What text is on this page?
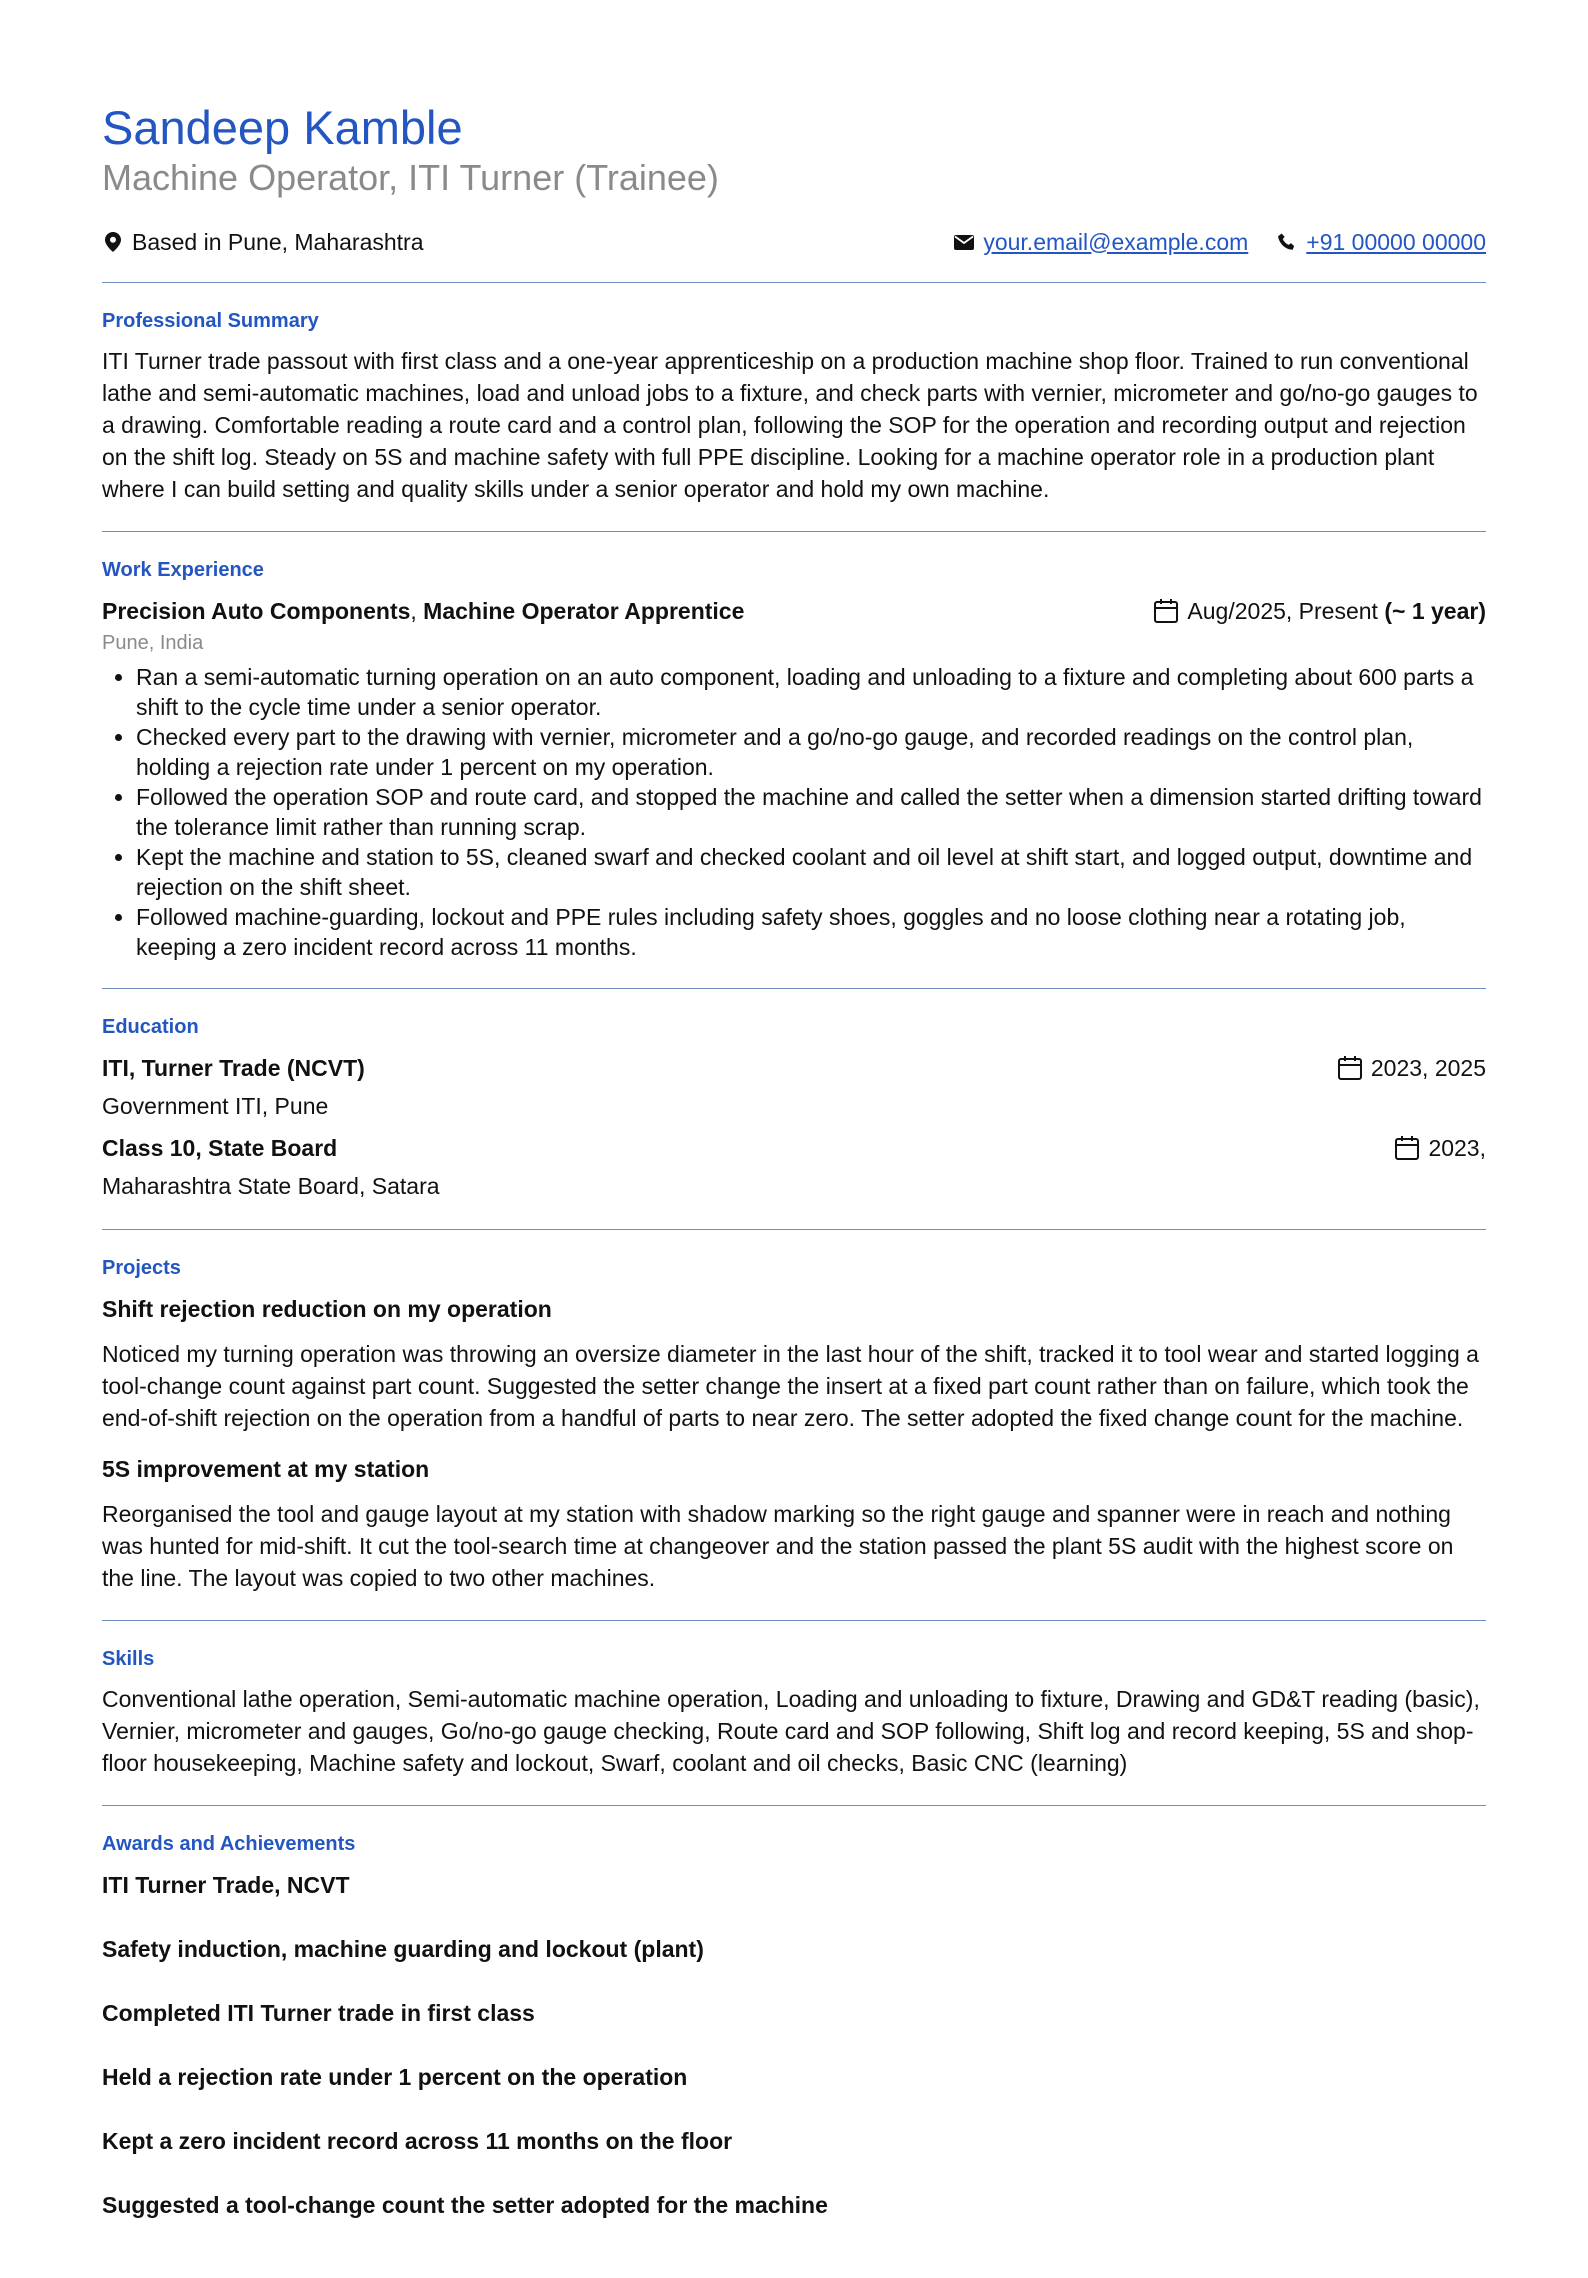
Sandeep Kamble
Machine Operator, ITI Turner (Trainee)
Based in Pune, Maharashtra	your.email@example.com	+91 00000 00000
Professional Summary

ITI Turner trade passout with first class and a one-year apprenticeship on a production machine shop floor. Trained to run conventional lathe and semi-automatic machines, load and unload jobs to a fixture, and check parts with vernier, micrometer and go/no-go gauges to a drawing. Comfortable reading a route card and a control plan, following the SOP for the operation and recording output and rejection on the shift log. Steady on 5S and machine safety with full PPE discipline. Looking for a machine operator role in a production plant where I can build setting and quality skills under a senior operator and hold my own machine.

Work Experience
Precision Auto Components, Machine Operator Apprentice	Aug/2025, Present
(~ 1 year)
Pune, India
• Ran a semi-automatic turning operation on an auto component, loading and unloading to a fixture and completing about 600 parts a shift to the cycle time under a senior operator.
• Checked every part to the drawing with vernier, micrometer and a go/no-go gauge, and recorded readings on the control plan, holding a rejection rate under 1 percent on my operation.
• Followed the operation SOP and route card, and stopped the machine and called the setter when a dimension started drifting toward the tolerance limit rather than running scrap.
• Kept the machine and station to 5S, cleaned swarf and checked coolant and oil level at shift start, and logged output, downtime and rejection on the shift sheet.
• Followed machine-guarding, lockout and PPE rules including safety shoes, goggles and no loose clothing near a rotating job, keeping a zero incident record across 11 months.
Education
ITI, Turner Trade (NCVT)	2023, 2025
Government ITI, Pune
Class 10, State Board	2023,
Maharashtra State Board, Satara
Projects
Shift rejection reduction on my operation

Noticed my turning operation was throwing an oversize diameter in the last hour of the shift, tracked it to tool wear and started logging a tool-change count against part count. Suggested the setter change the insert at a fixed part count rather than on failure, which took the end-of-shift rejection on the operation from a handful of parts to near zero. The setter adopted the fixed change count for the machine.

5S improvement at my station

Reorganised the tool and gauge layout at my station with shadow marking so the right gauge and spanner were in reach and nothing was hunted for mid-shift. It cut the tool-search time at changeover and the station passed the plant 5S audit with the highest score on the line. The layout was copied to two other machines.

Skills

Conventional lathe operation, Semi-automatic machine operation, Loading and unloading to fixture, Drawing and GD&T reading (basic), Vernier, micrometer and gauges, Go/no-go gauge checking, Route card and SOP following, Shift log and record keeping, 5S and shop-floor housekeeping, Machine safety and lockout, Swarf, coolant and oil checks, Basic CNC (learning)

Awards and Achievements
ITI Turner Trade, NCVT
Safety induction, machine guarding and lockout (plant)
Completed ITI Turner trade in first class
Held a rejection rate under 1 percent on the operation
Kept a zero incident record across 11 months on the floor
Suggested a tool-change count the setter adopted for the machine
